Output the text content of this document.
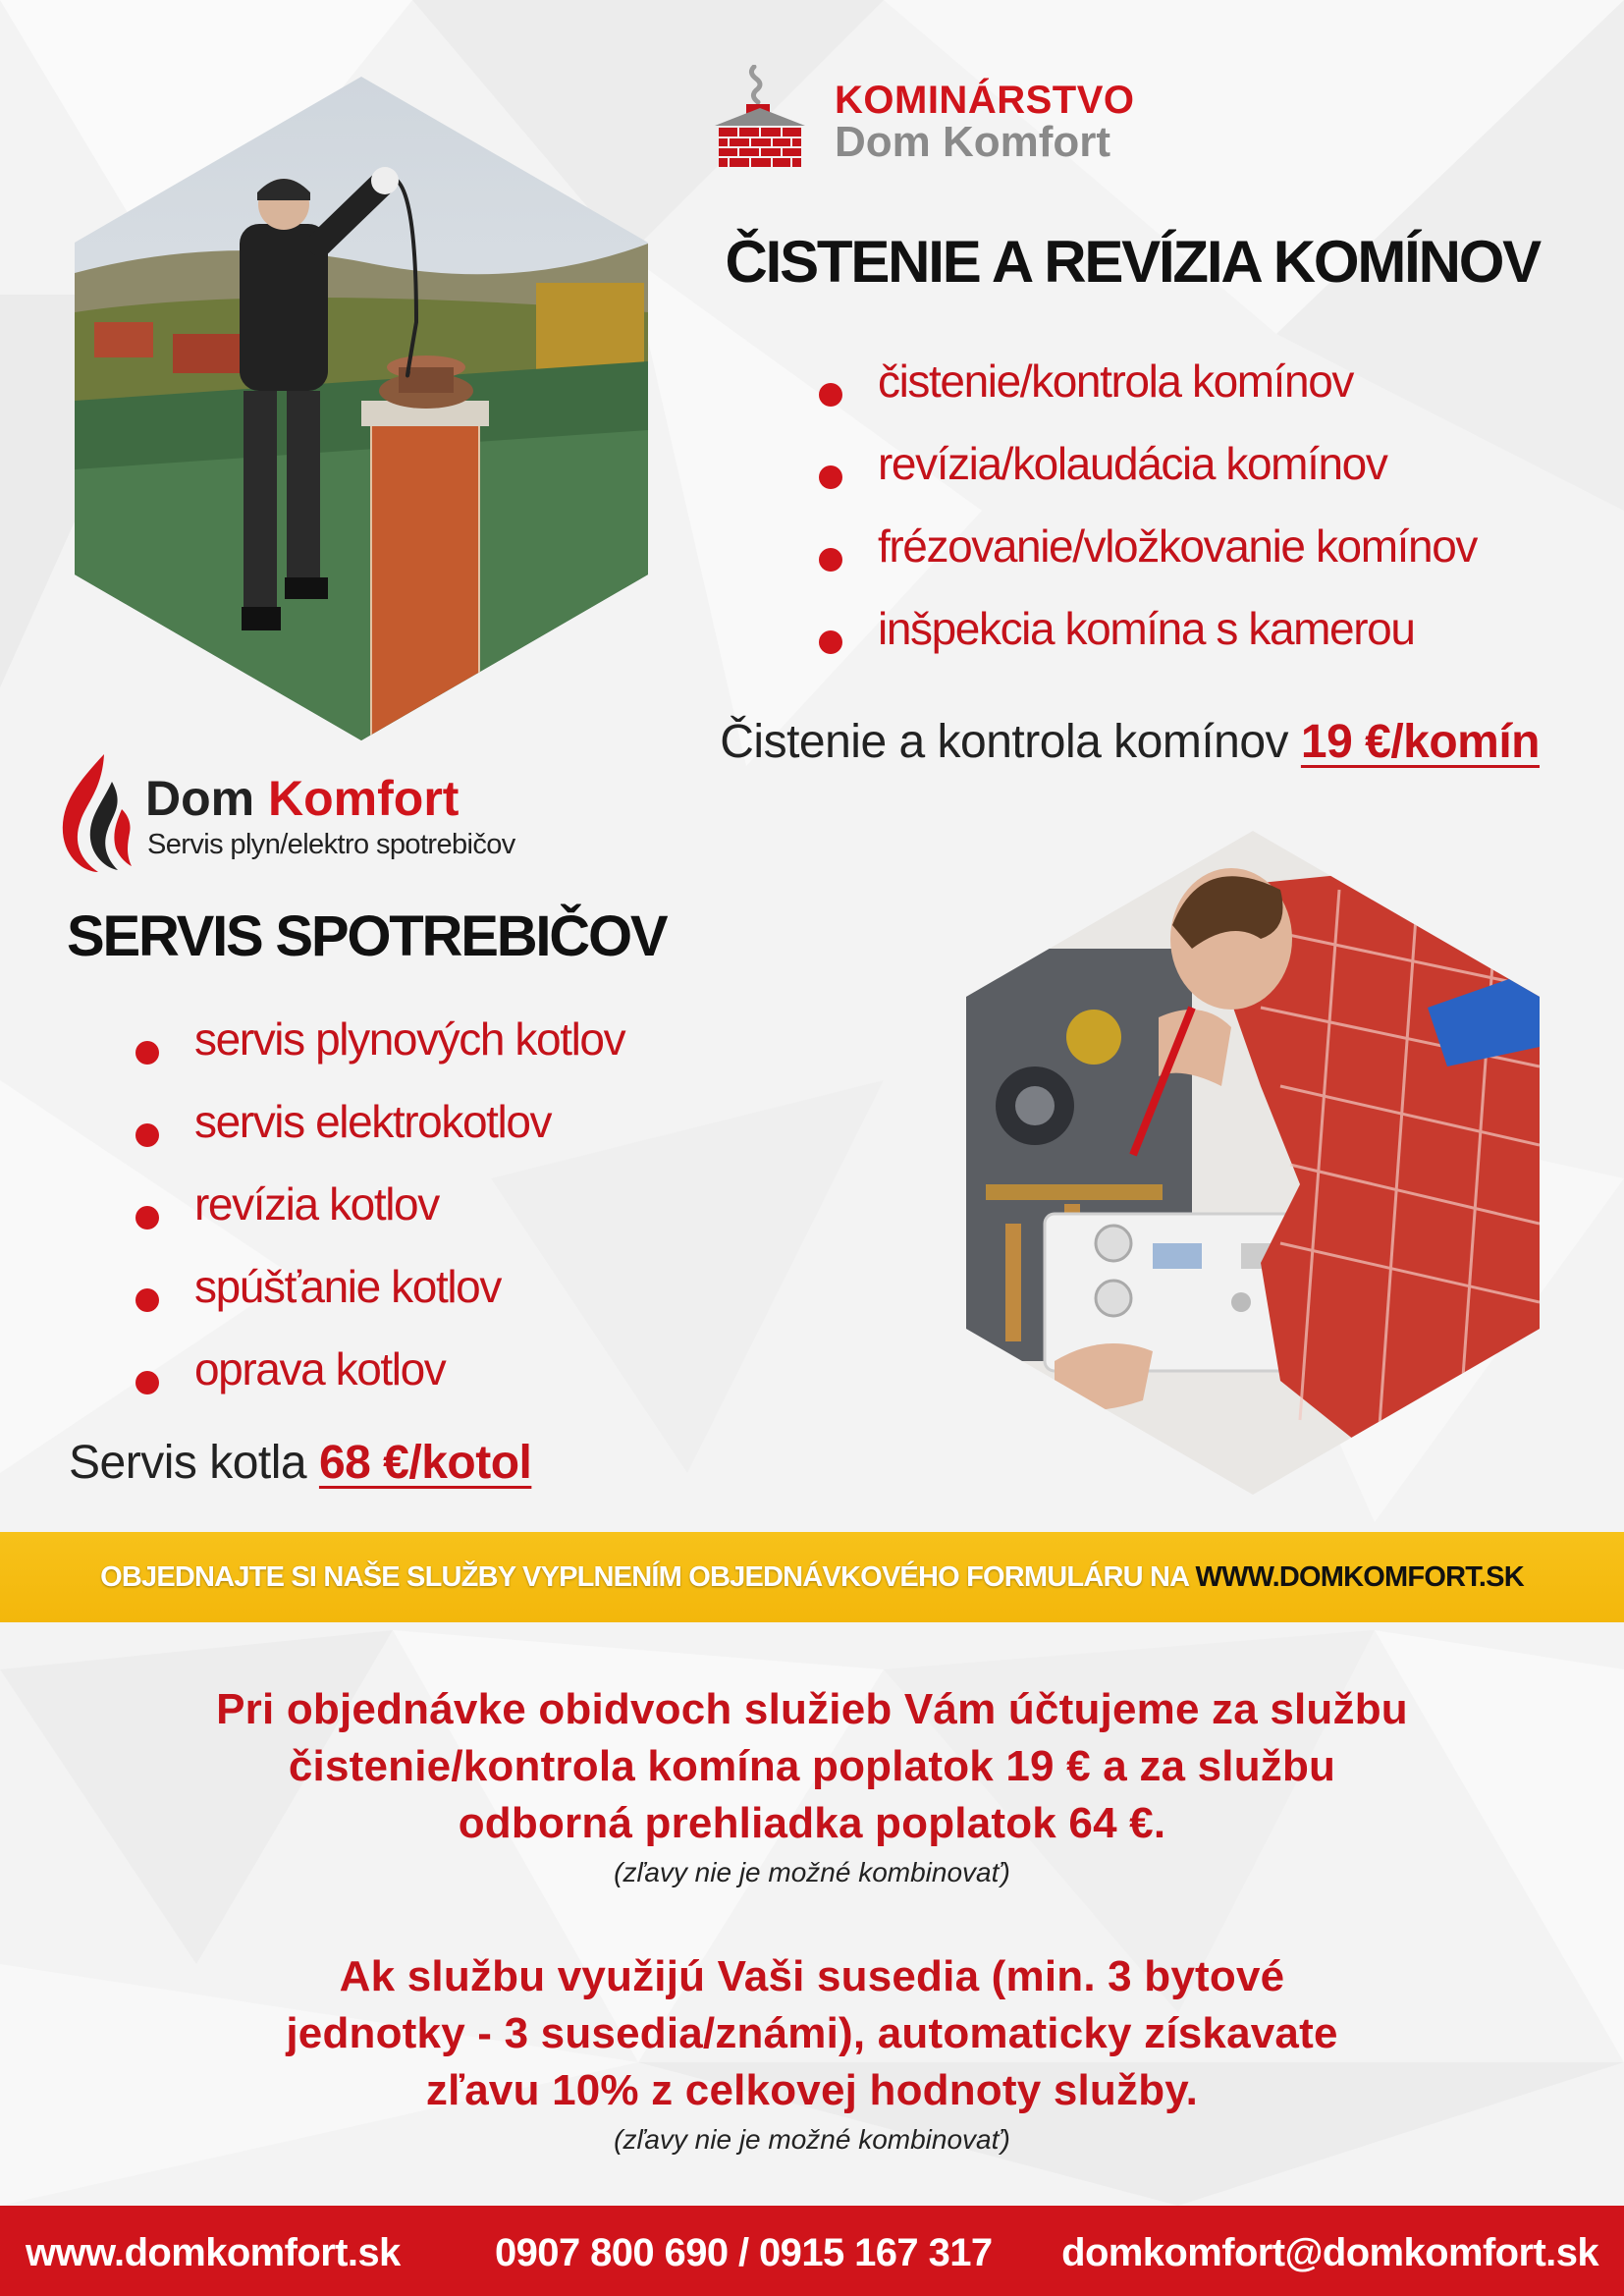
KOMINÁRSTVO
Dom Komfort
ČISTENIE A REVÍZIA KOMÍNOV
čistenie/kontrola komínov
revízia/kolaudácia komínov
frézovanie/vložkovanie komínov
inšpekcia komína s kamerou
Čistenie a kontrola komínov 19 €/komín
Dom Komfort
Servis plyn/elektro spotrebičov
SERVIS SPOTREBIČOV
servis plynových kotlov
servis elektrokotlov
revízia kotlov
spúšťanie kotlov
oprava kotlov
Servis kotla 68 €/kotol
OBJEDNAJTE SI NAŠE SLUŽBY VYPLNENÍM OBJEDNÁVKOVÉHO FORMULÁRU NA WWW.DOMKOMFORT.SK
Pri objednávke obidvoch služieb Vám účtujeme za službu
čistenie/kontrola komína poplatok 19 € a za službu
odborná prehliadka poplatok 64 €.
(zľavy nie je možné kombinovať)
Ak službu využijú Vaši susedia (min. 3 bytové
jednotky - 3 susedia/známi), automaticky získavate
zľavu 10% z celkovej hodnoty služby.
(zľavy nie je možné kombinovať)
www.domkomfort.sk 0907 800 690 / 0915 167 317 domkomfort@domkomfort.sk
